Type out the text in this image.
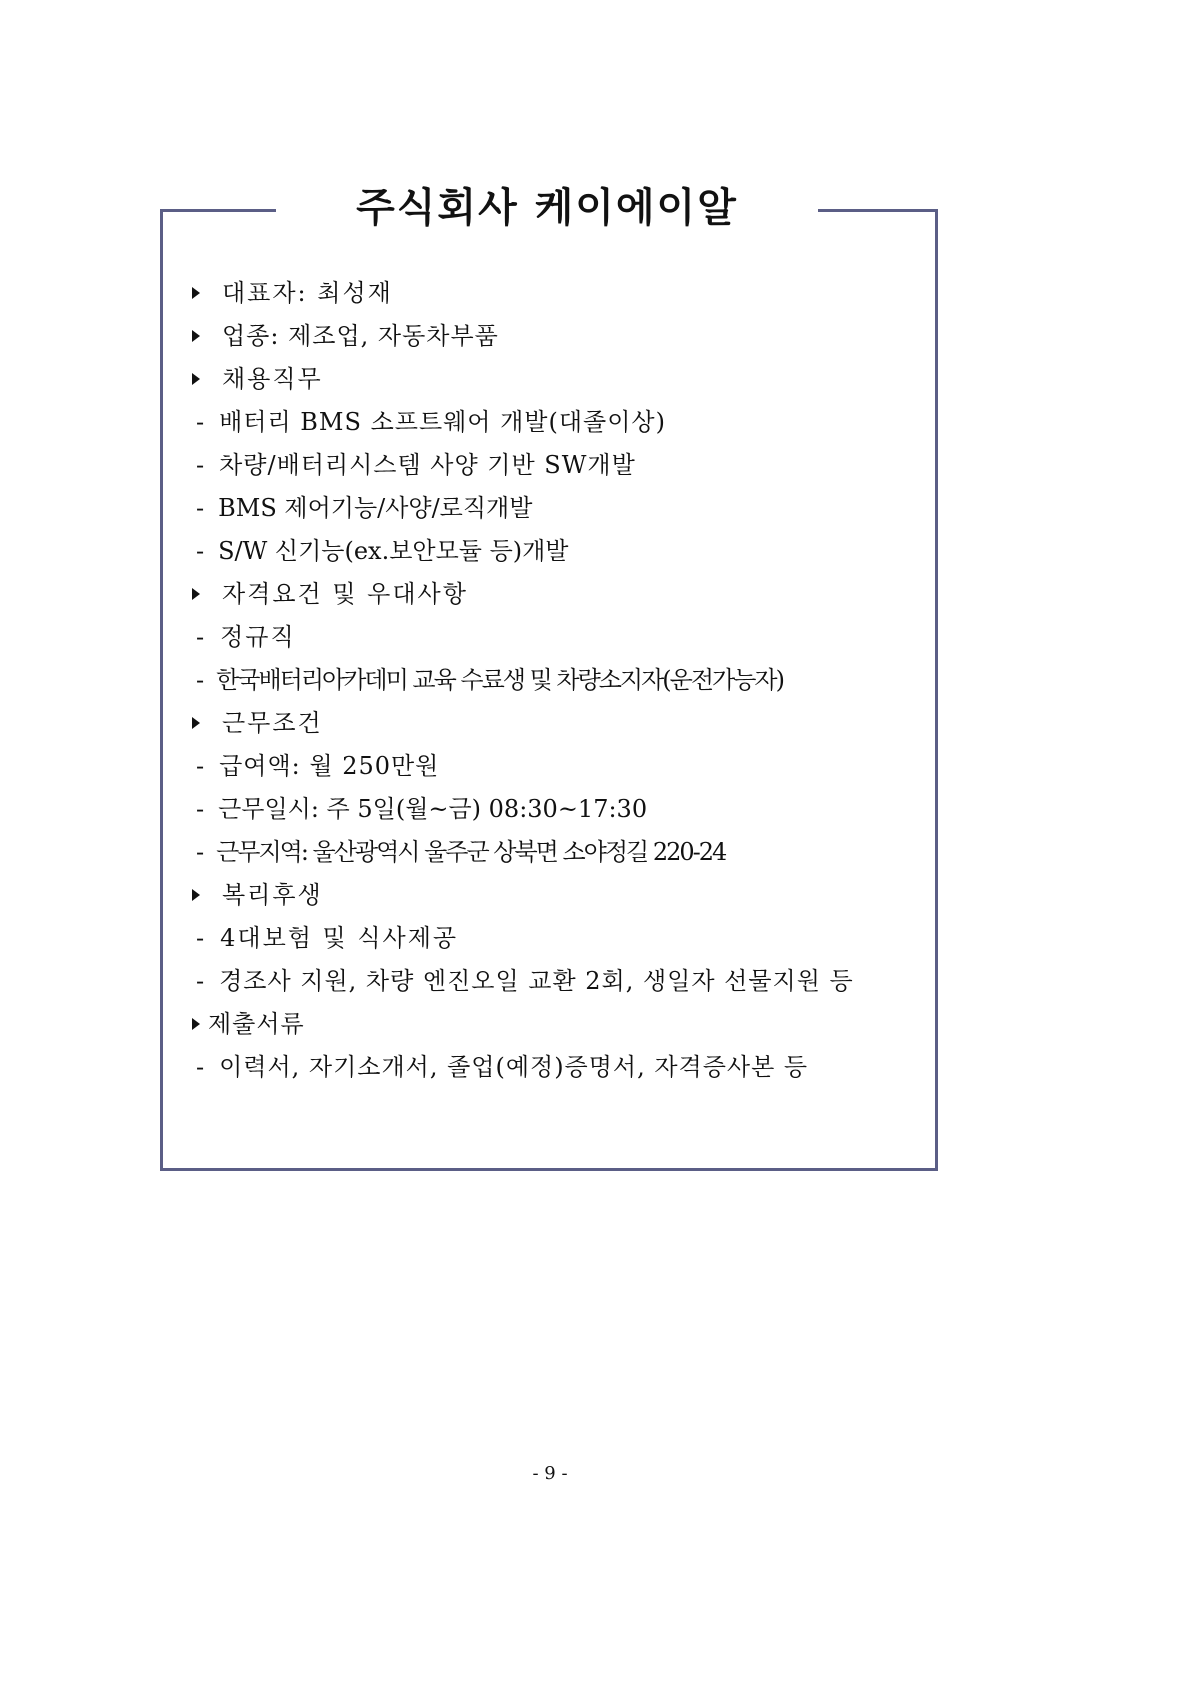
주식회사 케이에이알
대표자: 최성재
업종: 제조업, 자동차부품
채용직무
- 배터리 BMS 소프트웨어 개발(대졸이상)
- 차량/배터리시스템 사양 기반 SW개발
- BMS 제어기능/사양/로직개발
- S/W 신기능(ex.보안모듈 등)개발
자격요건 및 우대사항
- 정규직
- 한국배터리아카데미 교육 수료생 및 차량소지자(운전가능자)
근무조건
- 급여액: 월 250만원
- 근무일시: 주 5일(월~금) 08:30~17:30
- 근무지역: 울산광역시 울주군 상북면 소야정길 220-24
복리후생
- 4대보험 및 식사제공
- 경조사 지원, 차량 엔진오일 교환 2회, 생일자 선물지원 등
제출서류
- 이력서, 자기소개서, 졸업(예정)증명서, 자격증사본 등
- 9 -
